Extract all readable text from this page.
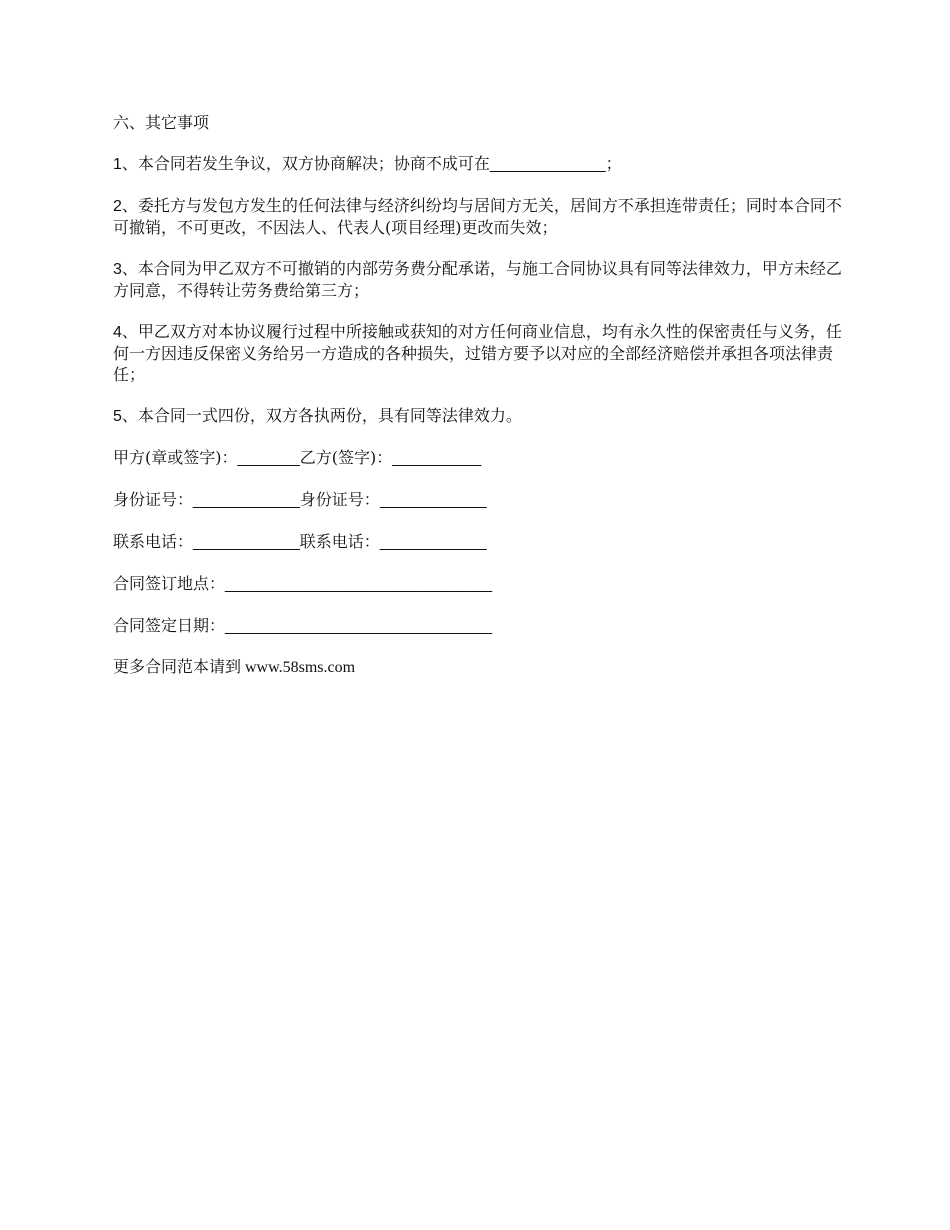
六、其它事项

1、本合同若发生争议，双方协商解决；协商不成可在_____________；

2、委托方与发包方发生的任何法律与经济纠纷均与居间方无关，居间方不承担连带责任；同时本合同不可撤销，不可更改，不因法人、代表人(项目经理)更改而失效；

3、本合同为甲乙双方不可撤销的内部劳务费分配承诺，与施工合同协议具有同等法律效力，甲方未经乙方同意，不得转让劳务费给第三方；

4、甲乙双方对本协议履行过程中所接触或获知的对方任何商业信息，均有永久性的保密责任与义务，任何一方因违反保密义务给另一方造成的各种损失，过错方要予以对应的全部经济赔偿并承担各项法律责任；

5、本合同一式四份，双方各执两份，具有同等法律效力。

甲方(章或签字)：_______乙方(签字)：__________

身份证号：____________身份证号：____________

联系电话：____________联系电话：____________

合同签订地点：______________________________

合同签定日期：______________________________

更多合同范本请到 www.58sms.com
